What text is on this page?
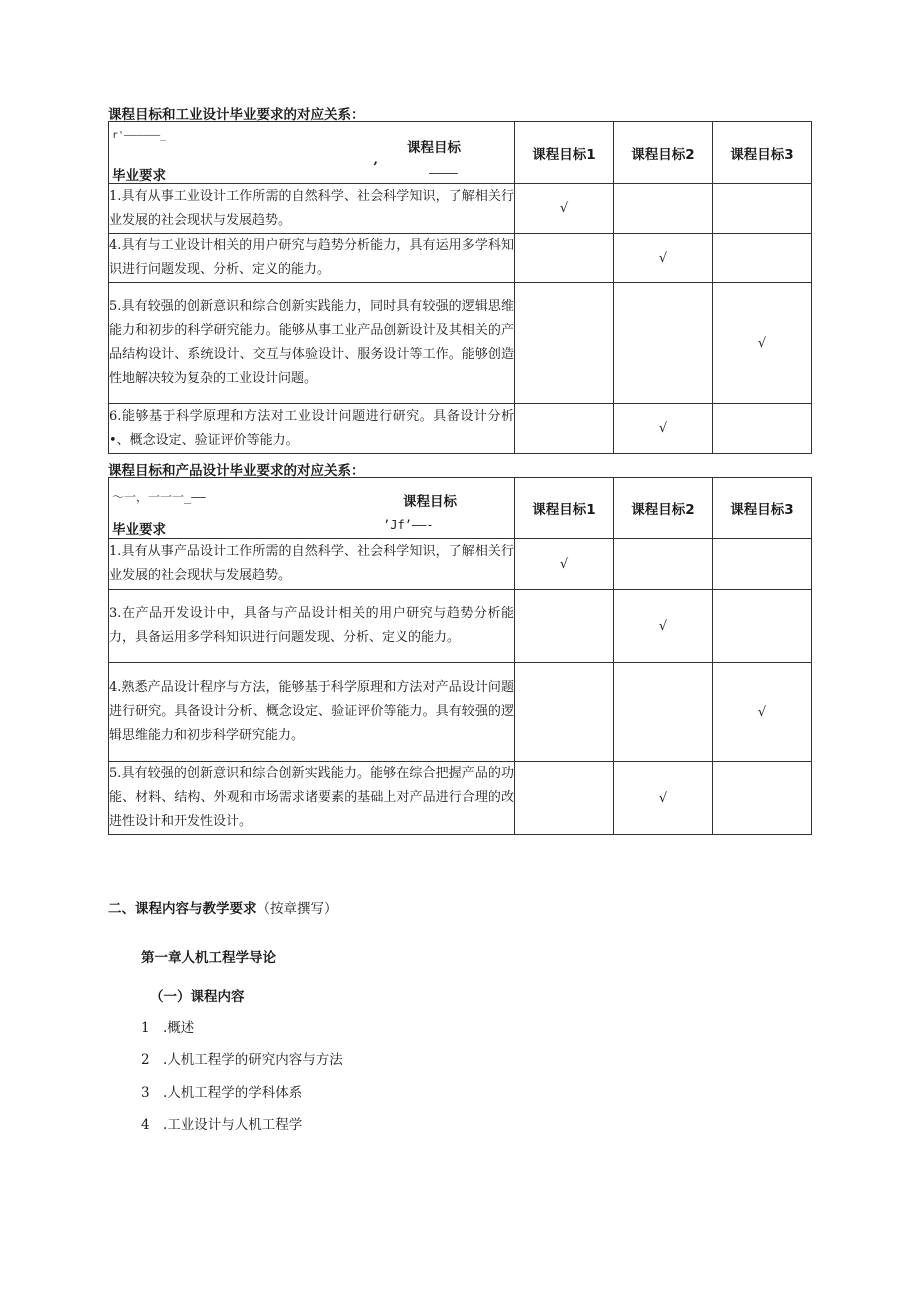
课程目标和工业设计毕业要求的对应关系：
r'——————_
课程目标
毕业要求 ’ ————	课程目标1	课程目标2	课程目标3
1.具有从事工业设计工作所需的自然科学、社会科学知识，了解相关行业发展的社会现状与发展趋势。	√		
4.具有与工业设计相关的用户研究与趋势分析能力，具有运用多学科知识进行问题发现、分析、定义的能力。		√	
5.具有较强的创新意识和综合创新实践能力，同时具有较强的逻辑思维能力和初步的科学研究能力。能够从事工业产品创新设计及其相关的产品结构设计、系统设计、交互与体验设计、服务设计等工作。能够创造性地解决较为复杂的工业设计问题。			√
6.能够基于科学原理和方法对工业设计问题进行研究。具备设计分析•、概念设定、验证评价等能力。		√	
课程目标和产品设计毕业要求的对应关系：
〜一，一一一_—— 课程目标
毕业要求 ’Jf’——-	课程目标1	课程目标2	课程目标3
1.具有从事产品设计工作所需的自然科学、社会科学知识，了解相关行业发展的社会现状与发展趋势。	√		
3.在产品开发设计中，具备与产品设计相关的用户研究与趋势分析能力，具备运用多学科知识进行问题发现、分析、定义的能力。		√	
4.熟悉产品设计程序与方法，能够基于科学原理和方法对产品设计问题进行研究。具备设计分析、概念设定、验证评价等能力。具有较强的逻辑思维能力和初步科学研究能力。			√
5.具有较强的创新意识和综合创新实践能力。能够在综合把握产品的功能、材料、结构、外观和市场需求诸要素的基础上对产品进行合理的改进性设计和开发性设计。		√	
二、课程内容与教学要求（按章撰写）
第一章人机工程学导论
（一）课程内容
1 .概述
2 .人机工程学的研究内容与方法
3 .人机工程学的学科体系
4 .工业设计与人机工程学
